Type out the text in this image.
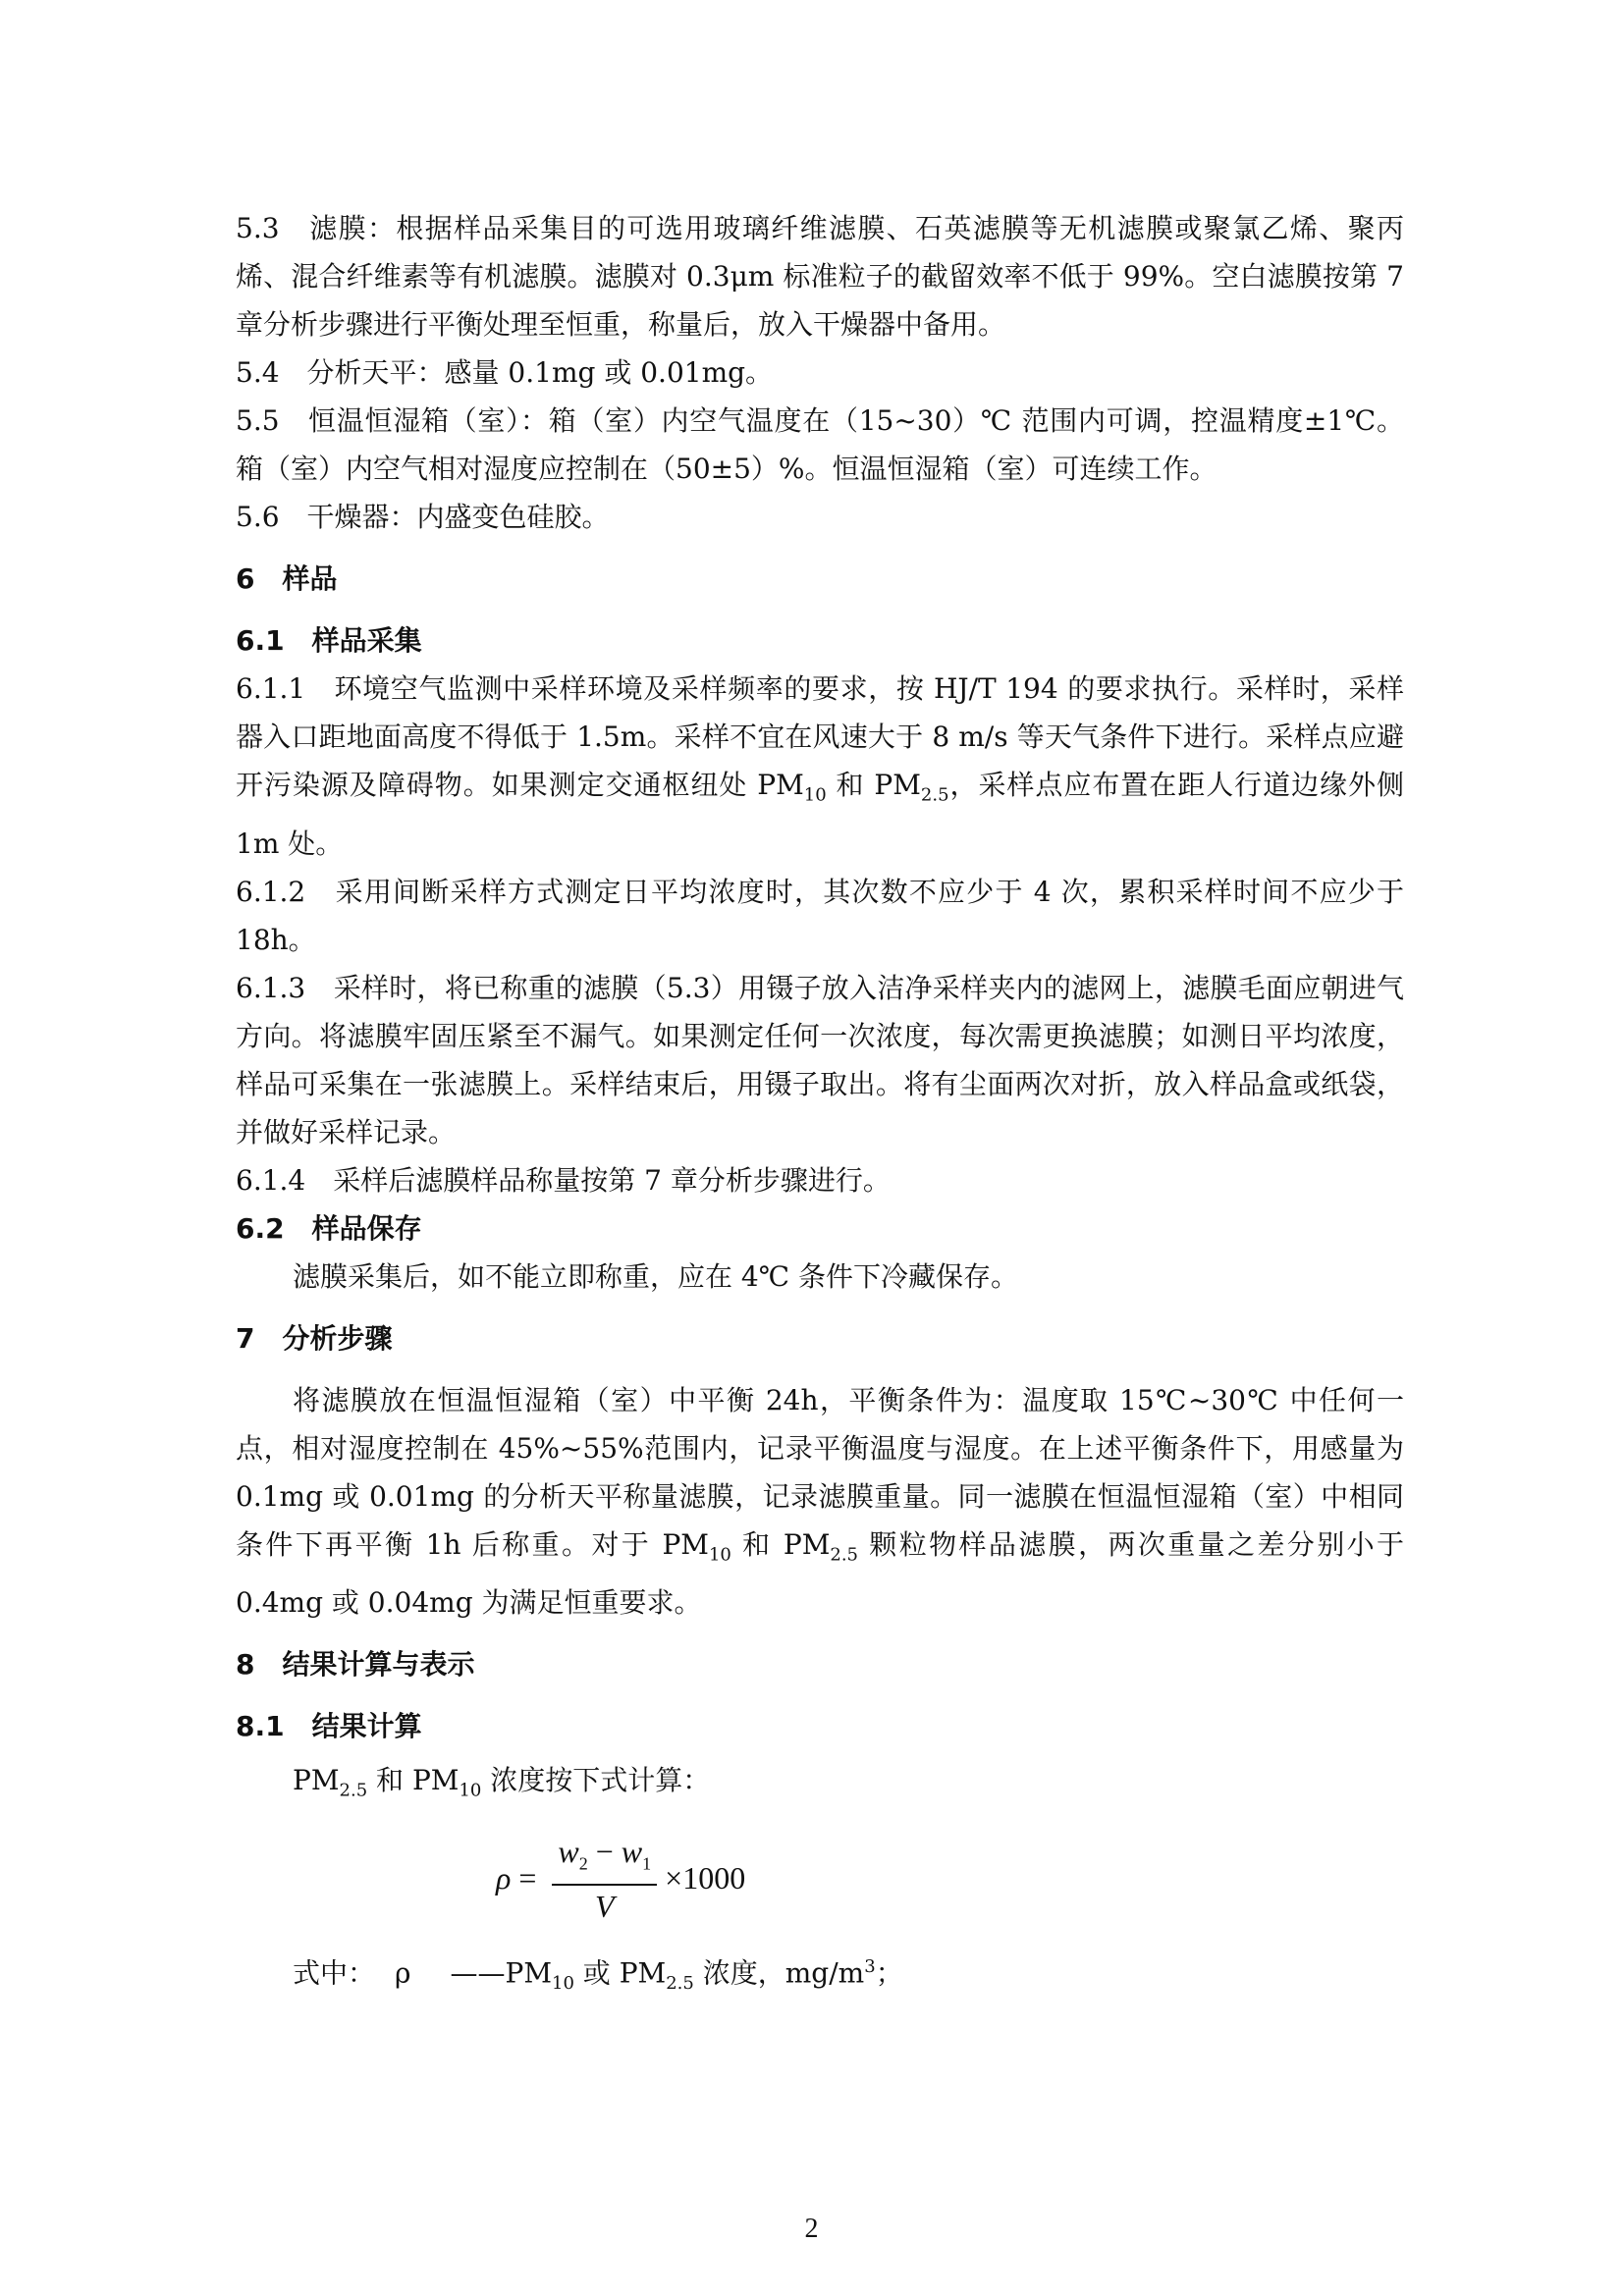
5.3　滤膜：根据样品采集目的可选用玻璃纤维滤膜、石英滤膜等无机滤膜或聚氯乙烯、聚丙烯、混合纤维素等有机滤膜。滤膜对 0.3μm 标准粒子的截留效率不低于 99%。空白滤膜按第 7 章分析步骤进行平衡处理至恒重，称量后，放入干燥器中备用。

5.4　分析天平：感量 0.1mg 或 0.01mg。

5.5　恒温恒湿箱（室）：箱（室）内空气温度在（15~30）℃ 范围内可调，控温精度±1℃。箱（室）内空气相对湿度应控制在（50±5）%。恒温恒湿箱（室）可连续工作。

5.6　干燥器：内盛变色硅胶。

6　样品

6.1　样品采集

6.1.1　环境空气监测中采样环境及采样频率的要求，按 HJ/T 194 的要求执行。采样时，采样器入口距地面高度不得低于 1.5m。采样不宜在风速大于 8 m/s 等天气条件下进行。采样点应避开污染源及障碍物。如果测定交通枢纽处 $PM_{10}$ 和 $PM_{2.5}$，采样点应布置在距人行道边缘外侧 1m 处。

6.1.2　采用间断采样方式测定日平均浓度时，其次数不应少于 4 次，累积采样时间不应少于 18h。

6.1.3　采样时，将已称重的滤膜（5.3）用镊子放入洁净采样夹内的滤网上，滤膜毛面应朝进气方向。将滤膜牢固压紧至不漏气。如果测定任何一次浓度，每次需更换滤膜；如测日平均浓度，样品可采集在一张滤膜上。采样结束后，用镊子取出。将有尘面两次对折，放入样品盒或纸袋，并做好采样记录。

6.1.4　采样后滤膜样品称量按第 7 章分析步骤进行。

6.2　样品保存

滤膜采集后，如不能立即称重，应在 4℃ 条件下冷藏保存。

7　分析步骤

将滤膜放在恒温恒湿箱（室）中平衡 24h，平衡条件为：温度取 15℃~30℃ 中任何一点，相对湿度控制在 45%~55%范围内，记录平衡温度与湿度。在上述平衡条件下，用感量为 0.1mg 或 0.01mg 的分析天平称量滤膜，记录滤膜重量。同一滤膜在恒温恒湿箱（室）中相同条件下再平衡 1h 后称重。对于 $PM_{10}$ 和 $PM_{2.5}$ 颗粒物样品滤膜，两次重量之差分别小于 0.4mg 或 0.04mg 为满足恒重要求。

8　结果计算与表示

8.1　结果计算

$PM_{2.5}$ 和 $PM_{10}$ 浓度按下式计算：

$\rho = \frac{w_2 - w_1}{V} \times 1000$

式中： ρ $——PM_{10}$ 或 $PM_{2.5}$ 浓度，$mg/m^3$；

2
